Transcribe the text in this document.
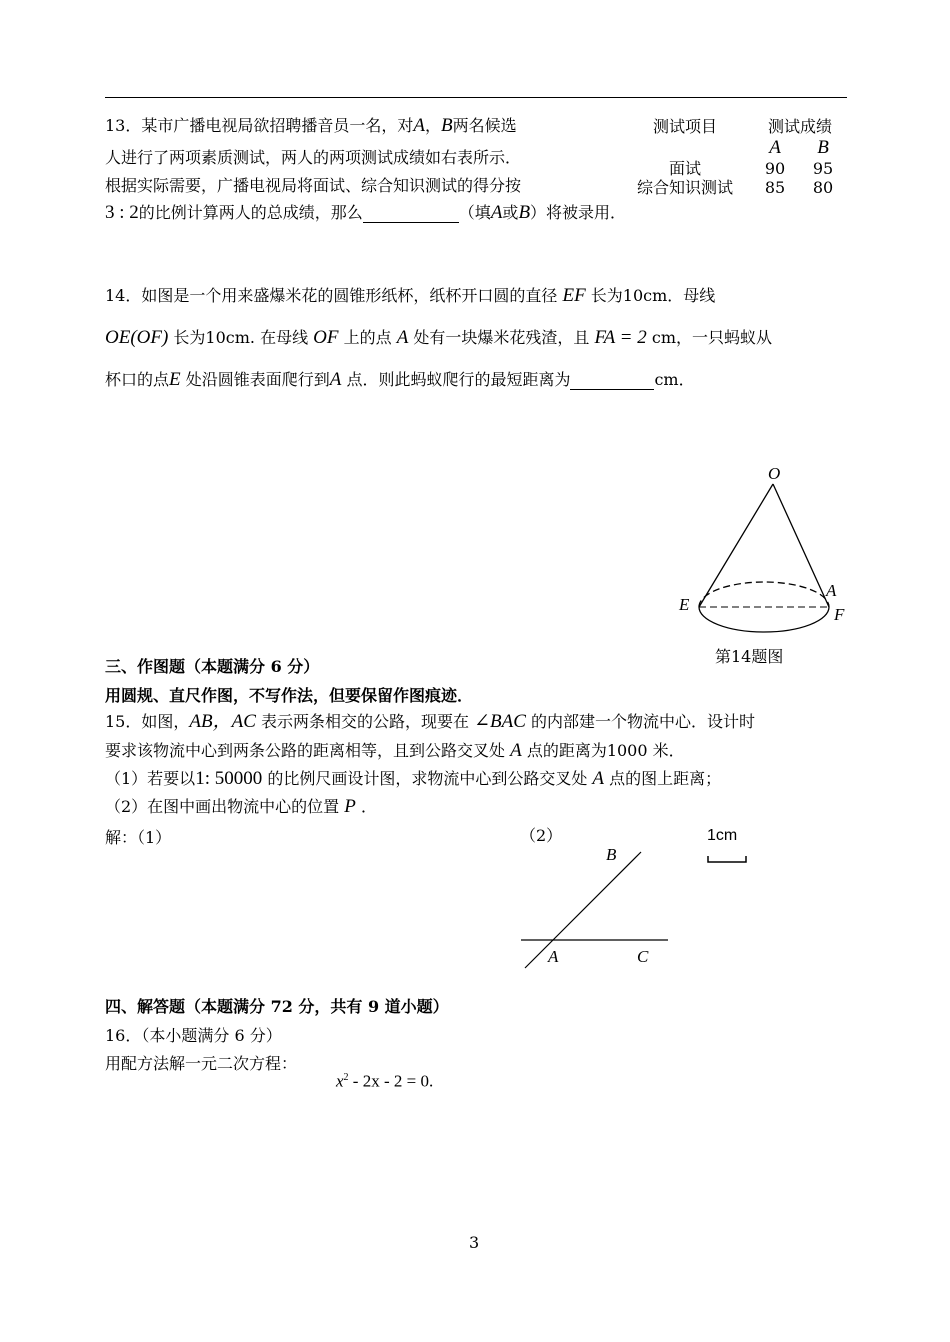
13．某市广播电视局欲招聘播音员一名，对A，B两名候选
人进行了两项素质测试，两人的两项测试成绩如右表所示．
根据实际需要，广播电视局将面试、综合知识测试的得分按
3 : 2的比例计算两人的总成绩，那么	（填A或B）将被录用．
测试项目	测试成绩
A	B
面试	90	95
综合知识测试	85	80
14．如图是一个用来盛爆米花的圆锥形纸杯，纸杯开口圆的直径 EF 长为10cm．母线
OE(OF) 长为10cm. 在母线 OF 上的点 A 处有一块爆米花残渣，且 FA = 2 cm，一只蚂蚁从
杯口的点E 处沿圆锥表面爬行到A 点．则此蚂蚁爬行的最短距离为	cm．
O
A
E
F
第14题图
三、作图题（本题满分 6 分）
用圆规、直尺作图，不写作法，但要保留作图痕迹．
15．如图，AB，AC 表示两条相交的公路，现要在 ∠BAC 的内部建一个物流中心．设计时
要求该物流中心到两条公路的距离相等，且到公路交叉处 A 点的距离为1000 米．
（1）若要以1: 50000 的比例尺画设计图，求物流中心到公路交叉处 A 点的图上距离；
（2）在图中画出物流中心的位置 P ．
解：（1）	（2）	1cm
B
A	C
四、解答题（本题满分 72 分，共有 9 道小题）
16．（本小题满分 6 分）
用配方法解一元二次方程：
$x^2 - 2x - 2 = 0$.
3
